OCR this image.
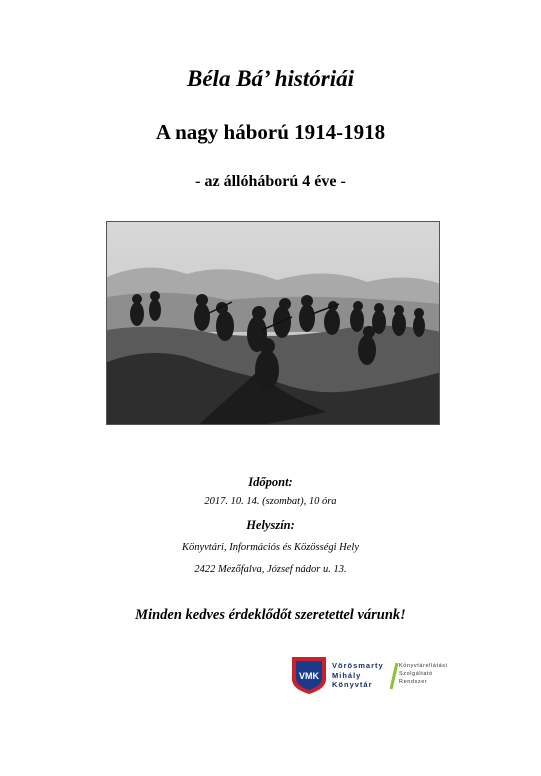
Béla Bá’ históriái
A nagy háború 1914-1918
- az állóháború 4 éve -
Időpont:
2017. 10. 14. (szombat), 10 óra
Helyszín:
Könyvtári, Információs és Közösségi Hely
2422 Mezőfalva, József nádor u. 13.
Minden kedves érdeklődőt szeretettel várunk!
VMK
Vörösmarty
Mihály
Könyvtár
Könyvtárellátási
Szolgáltató
Rendszer
